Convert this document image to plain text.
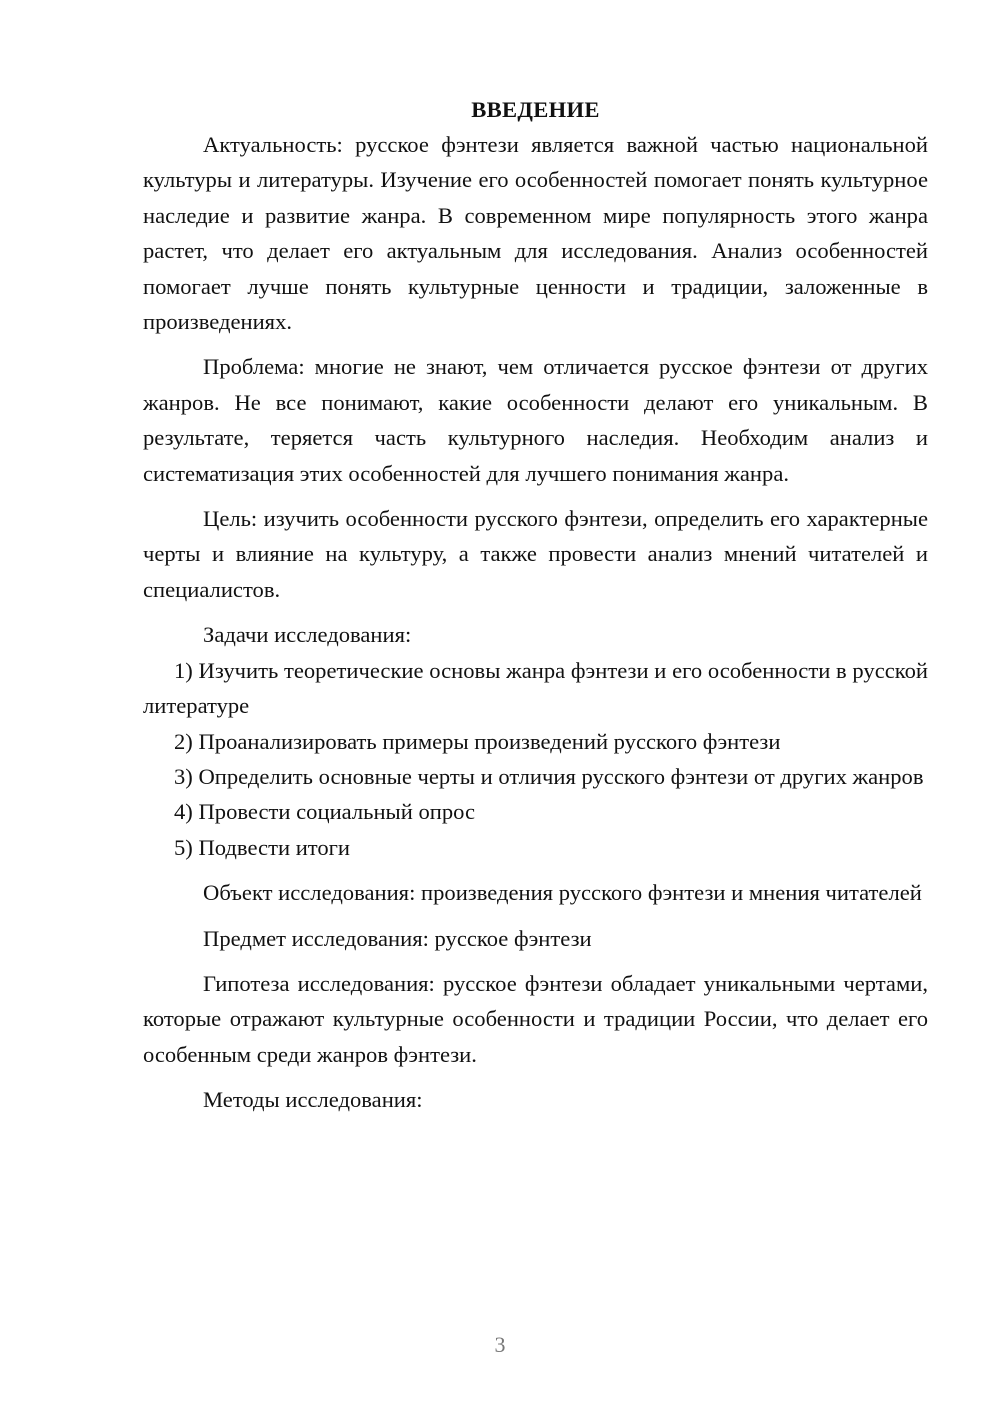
ВВЕДЕНИЕ

Актуальность: русское фэнтези является важной частью национальной культуры и литературы. Изучение его особенностей помогает понять культурное наследие и развитие жанра. В современном мире популярность этого жанра растет, что делает его актуальным для исследования. Анализ особенностей помогает лучше понять культурные ценности и традиции, заложенные в произведениях.

Проблема: многие не знают, чем отличается русское фэнтези от других жанров. Не все понимают, какие особенности делают его уникальным. В результате, теряется часть культурного наследия. Необходим анализ и систематизация этих особенностей для лучшего понимания жанра.

Цель: изучить особенности русского фэнтези, определить его характерные черты и влияние на культуру, а также провести анализ мнений читателей и специалистов.

Задачи исследования:

1) Изучить теоретические основы жанра фэнтези и его особенности в русской литературе

2) Проанализировать примеры произведений русского фэнтези

3) Определить основные черты и отличия русского фэнтези от других жанров

4) Провести социальный опрос

5) Подвести итоги

Объект исследования: произведения русского фэнтези и мнения читателей

Предмет исследования: русское фэнтези

Гипотеза исследования: русское фэнтези обладает уникальными чертами, которые отражают культурные особенности и традиции России, что делает его особенным среди жанров фэнтези.

Методы исследования:

3
